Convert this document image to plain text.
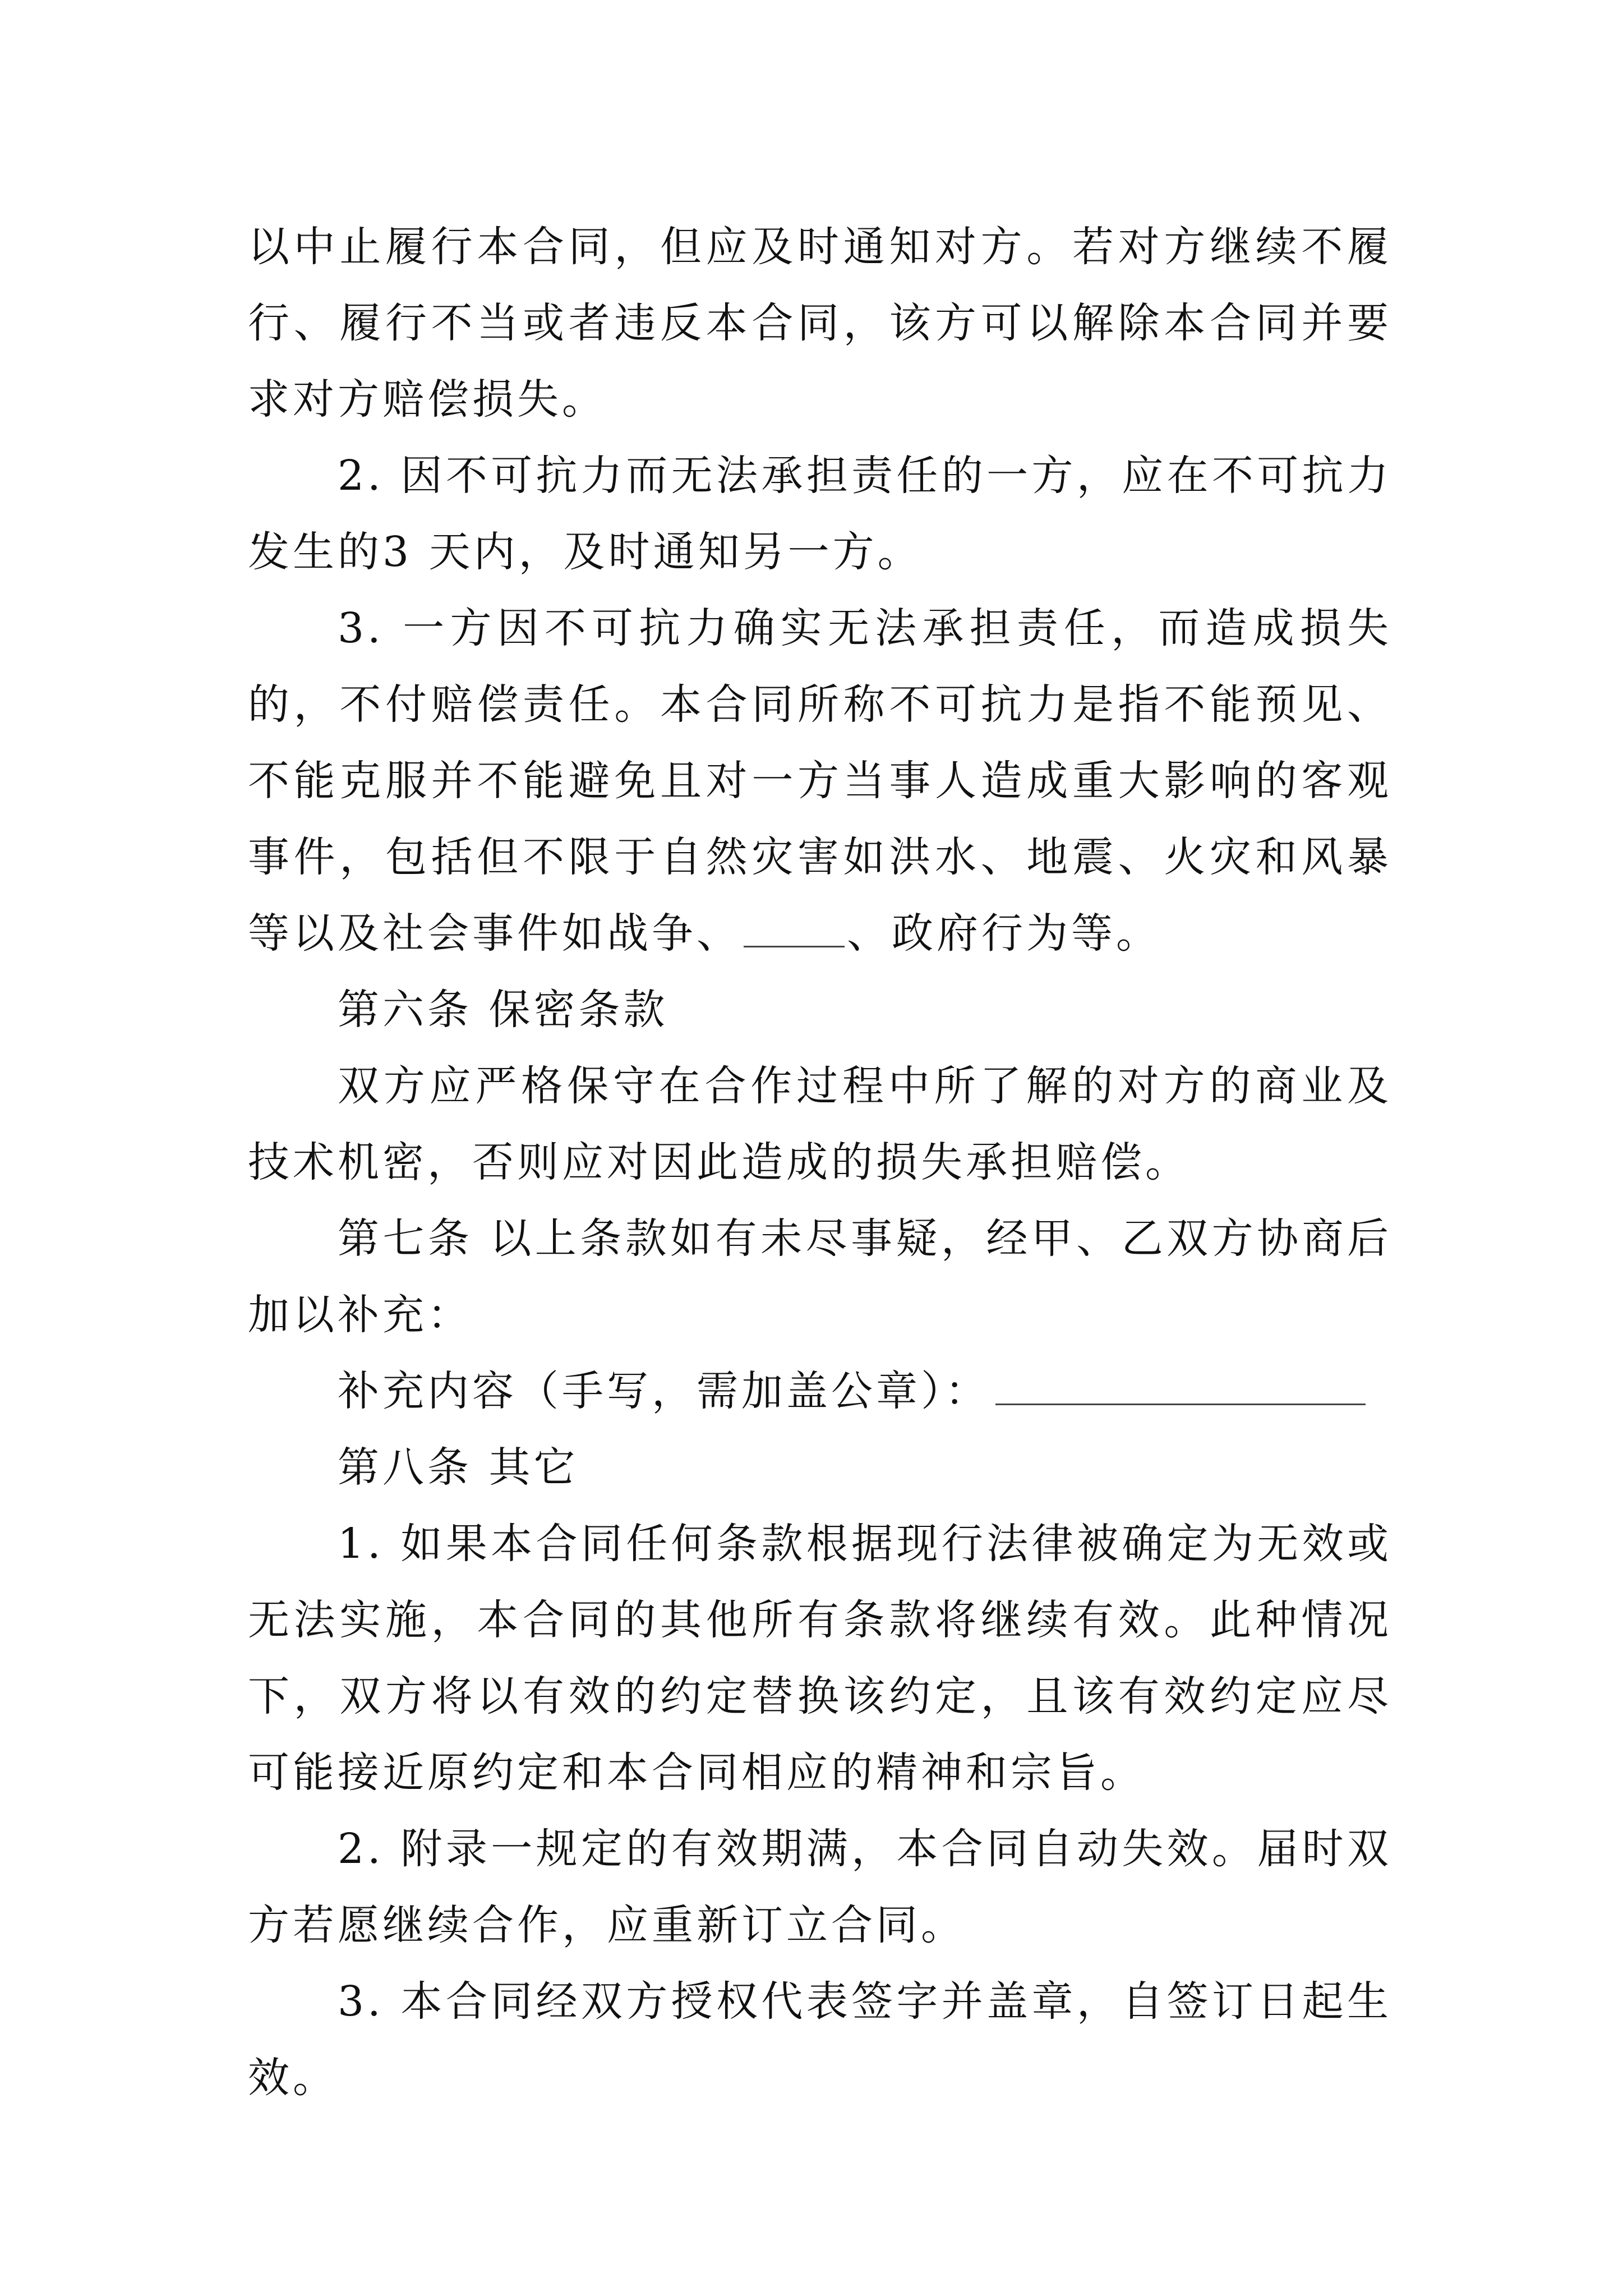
以中止履行本合同，但应及时通知对方。若对方继续不履行、履行不当或者违反本合同，该方可以解除本合同并要求对方赔偿损失。

2. 因不可抗力而无法承担责任的一方，应在不可抗力发生的3 天内，及时通知另一方。

3. 一方因不可抗力确实无法承担责任，而造成损失的，不付赔偿责任。本合同所称不可抗力是指不能预见、不能克服并不能避免且对一方当事人造成重大影响的客观事件，包括但不限于自然灾害如洪水、地震、火灾和风暴等以及社会事件如战争、	、政府行为等。

第六条 保密条款

双方应严格保守在合作过程中所了解的对方的商业及技术机密，否则应对因此造成的损失承担赔偿。

第七条 以上条款如有未尽事疑，经甲、乙双方协商后加以补充：

补充内容（手写，需加盖公章）：

第八条 其它

1. 如果本合同任何条款根据现行法律被确定为无效或无法实施，本合同的其他所有条款将继续有效。此种情况下，双方将以有效的约定替换该约定，且该有效约定应尽可能接近原约定和本合同相应的精神和宗旨。

2. 附录一规定的有效期满，本合同自动失效。届时双方若愿继续合作，应重新订立合同。

3. 本合同经双方授权代表签字并盖章，自签订日起生效。
